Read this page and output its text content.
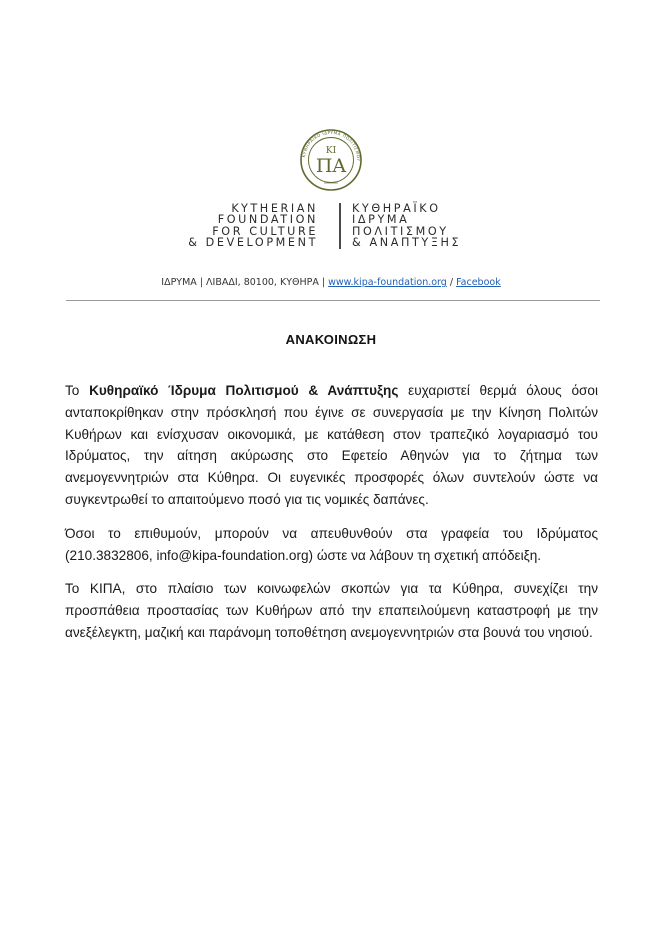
ΚΥΘΗΡΑΪΚΟ ΙΔΡΥΜΑ ΠΟΛΙΤΙΣΜΟΥ
ΚΙ
ΠΑ
KYTHERIAN
FOUNDATION
FOR CULTURE
& DEVELOPMENT
ΚΥΘΗΡΑΪΚΟ
ΙΔΡΥΜΑ
ΠΟΛΙΤΙΣΜΟΥ
& ΑΝΑΠΤΥΞΗΣ
ΙΔΡΥΜΑ | ΛΙΒΑΔΙ, 80100, ΚΥΘΗΡΑ | www.kipa-foundation.org / Facebook
ΑΝΑΚΟΙΝΩΣΗ

Το Κυθηραϊκό Ίδρυμα Πολιτισμού & Ανάπτυξης ευχαριστεί θερμά όλους όσοι ανταποκρίθηκαν στην πρόσκλησή που έγινε σε συνεργασία με την Κίνηση Πολιτών Κυθήρων και ενίσχυσαν οικονομικά, με κατάθεση στον τραπεζικό λογαριασμό του Ιδρύματος, την αίτηση ακύρωσης στο Εφετείο Αθηνών για το ζήτημα των ανεμογεννητριών στα Κύθηρα. Οι ευγενικές προσφορές όλων συντελούν ώστε να συγκεντρωθεί το απαιτούμενο ποσό για τις νομικές δαπάνες.

Όσοι το επιθυμούν, μπορούν να απευθυνθούν στα γραφεία του Ιδρύματος (210.3832806, info@kipa-foundation.org) ώστε να λάβουν τη σχετική απόδειξη.

Το ΚΙΠΑ, στο πλαίσιο των κοινωφελών σκοπών για τα Κύθηρα, συνεχίζει την προσπάθεια προστασίας των Κυθήρων από την επαπειλούμενη καταστροφή με την ανεξέλεγκτη, μαζική και παράνομη τοποθέτηση ανεμογεννητριών στα βουνά του νησιού.
